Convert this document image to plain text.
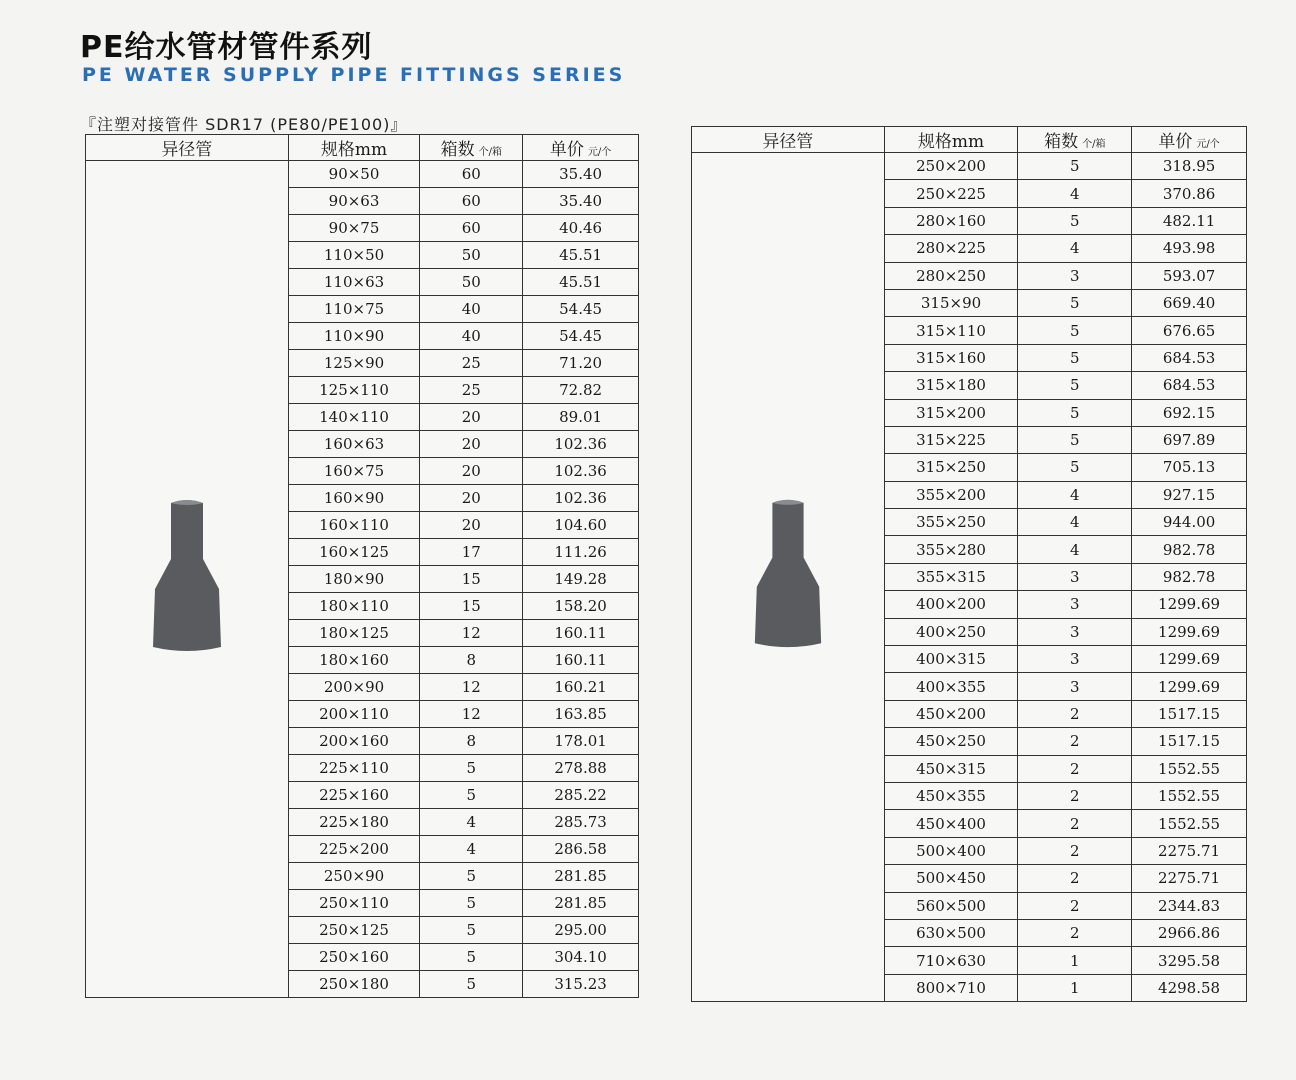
PE给水管材管件系列
PE WATER SUPPLY PIPE FITTINGS SERIES
『注塑对接管件 SDR17 (PE80/PE100)』
异径管	规格mm	箱数 个/箱	单价 元/个
	90×50	60	35.40
	90×63	60	35.40
	90×75	60	40.46
	110×50	50	45.51
	110×63	50	45.51
	110×75	40	54.45
	110×90	40	54.45
	125×90	25	71.20
	125×110	25	72.82
	140×110	20	89.01
	160×63	20	102.36
	160×75	20	102.36
	160×90	20	102.36
	160×110	20	104.60
	160×125	17	111.26
	180×90	15	149.28
	180×110	15	158.20
	180×125	12	160.11
	180×160	8	160.11
	200×90	12	160.21
	200×110	12	163.85
	200×160	8	178.01
	225×110	5	278.88
	225×160	5	285.22
	225×180	4	285.73
	225×200	4	286.58
	250×90	5	281.85
	250×110	5	281.85
	250×125	5	295.00
	250×160	5	304.10
	250×180	5	315.23
异径管	规格mm	箱数 个/箱	单价 元/个
	250×200	5	318.95
	250×225	4	370.86
	280×160	5	482.11
	280×225	4	493.98
	280×250	3	593.07
	315×90	5	669.40
	315×110	5	676.65
	315×160	5	684.53
	315×180	5	684.53
	315×200	5	692.15
	315×225	5	697.89
	315×250	5	705.13
	355×200	4	927.15
	355×250	4	944.00
	355×280	4	982.78
	355×315	3	982.78
	400×200	3	1299.69
	400×250	3	1299.69
	400×315	3	1299.69
	400×355	3	1299.69
	450×200	2	1517.15
	450×250	2	1517.15
	450×315	2	1552.55
	450×355	2	1552.55
	450×400	2	1552.55
	500×400	2	2275.71
	500×450	2	2275.71
	560×500	2	2344.83
	630×500	2	2966.86
	710×630	1	3295.58
	800×710	1	4298.58
